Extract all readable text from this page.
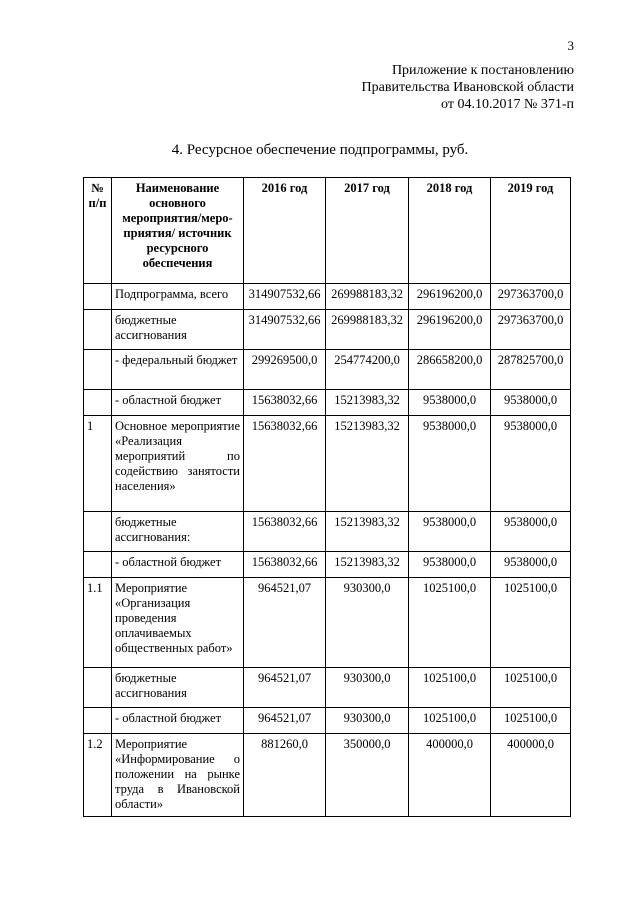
3
Приложение к постановлению
Правительства Ивановской области
от 04.10.2017 № 371-п
4. Ресурсное обеспечение подпрограммы, руб.
№ п/п	Наименование основного мероприятия/меро-приятия/ источник ресурсного обеспечения	2016 год	2017 год	2018 год	2019 год
	Подпрограмма, всего	314907532,66	269988183,32	296196200,0	297363700,0
	бюджетные ассигнования	314907532,66	269988183,32	296196200,0	297363700,0
	- федеральный бюджет	299269500,0	254774200,0	286658200,0	287825700,0
	- областной бюджет	15638032,66	15213983,32	9538000,0	9538000,0
1	Основное мероприятие «Реализация мероприятий по содействию занятости населения»	15638032,66	15213983,32	9538000,0	9538000,0
	бюджетные ассигнования:	15638032,66	15213983,32	9538000,0	9538000,0
	- областной бюджет	15638032,66	15213983,32	9538000,0	9538000,0
1.1	Мероприятие «Организация проведения оплачиваемых общественных работ»	964521,07	930300,0	1025100,0	1025100,0
	бюджетные ассигнования	964521,07	930300,0	1025100,0	1025100,0
	- областной бюджет	964521,07	930300,0	1025100,0	1025100,0
1.2	Мероприятие «Информирование о положении на рынке труда в Ивановской области»	881260,0	350000,0	400000,0	400000,0
